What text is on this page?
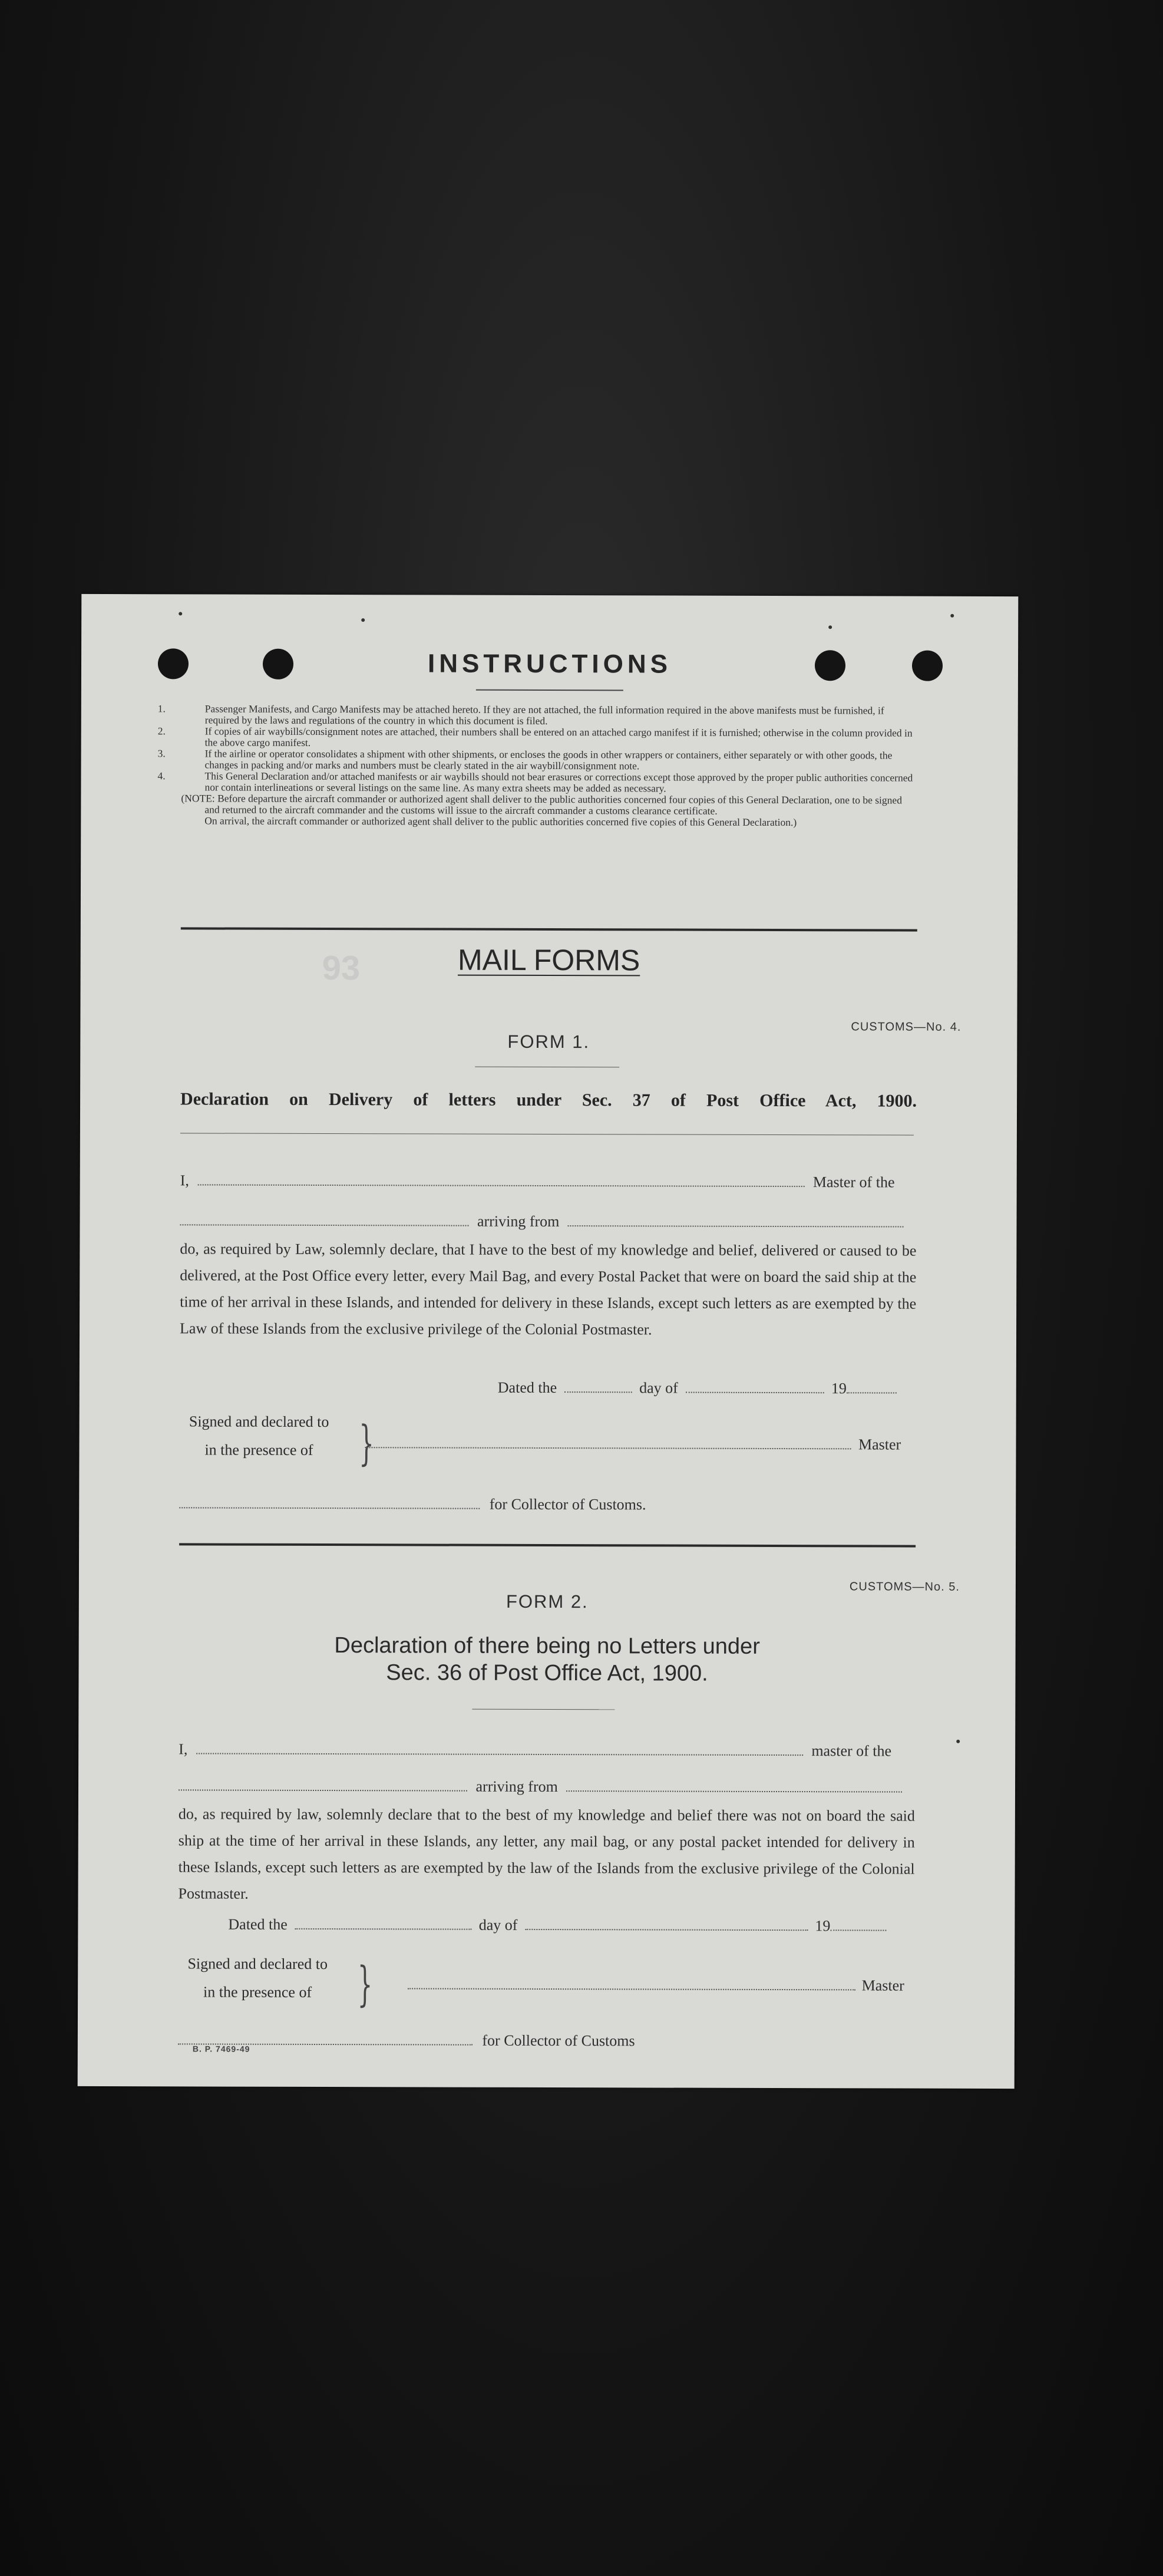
93
INSTRUCTIONS
1.	Passenger Manifests, and Cargo Manifests may be attached hereto. If they are not attached, the full information required in the above manifests must be furnished, if required by the laws and regulations of the country in which this document is filed.
2.	If copies of air waybills/consignment notes are attached, their numbers shall be entered on an attached cargo manifest if it is furnished; otherwise in the column provided in the above cargo manifest.
3.	If the airline or operator consolidates a shipment with other shipments, or encloses the goods in other wrappers or containers, either separately or with other goods, the changes in packing and/or marks and numbers must be clearly stated in the air waybill/consignment note.
4.	This General Declaration and/or attached manifests or air waybills should not bear erasures or corrections except those approved by the proper public authorities concerned nor contain interlineations or several listings on the same line. As many extra sheets may be added as necessary.
(NOTE: Before departure the aircraft commander or authorized agent shall deliver to the public authorities concerned four copies of this General Declaration, one to be signed and returned to the aircraft commander and the customs will issue to the aircraft commander a customs clearance certificate.
On arrival, the aircraft commander or authorized agent shall deliver to the public authorities concerned five copies of this General Declaration.)
MAIL FORMS
CUSTOMS—No. 4.
FORM 1.
Declaration on Delivery of letters under Sec. 37 of Post Office Act, 1900.
I,	Master of the
arriving from
do, as required by Law, solemnly declare, that I have to the best of my knowledge and belief, delivered or caused to be delivered, at the Post Office every letter, every Mail Bag, and every Postal Packet that were on board the said ship at the time of her arrival in these Islands, and intended for delivery in these Islands, except such letters as are exempted by the Law of these Islands from the exclusive privilege of the Colonial Postmaster.
Dated the	day of	19
Signed and declared to
in the presence of }	Master
for Collector of Customs.
CUSTOMS—No. 5.
FORM 2.
Declaration of there being no Letters under
Sec. 36 of Post Office Act, 1900.
I,	master of the
arriving from
do, as required by law, solemnly declare that to the best of my knowledge and belief there was not on board the said ship at the time of her arrival in these Islands, any letter, any mail bag, or any postal packet intended for delivery in these Islands, except such letters as are exempted by the law of the Islands from the exclusive privilege of the Colonial Postmaster.
Dated the	day of	19
Signed and declared to
in the presence of }	Master
for Collector of Customs
B. P. 7469-49
